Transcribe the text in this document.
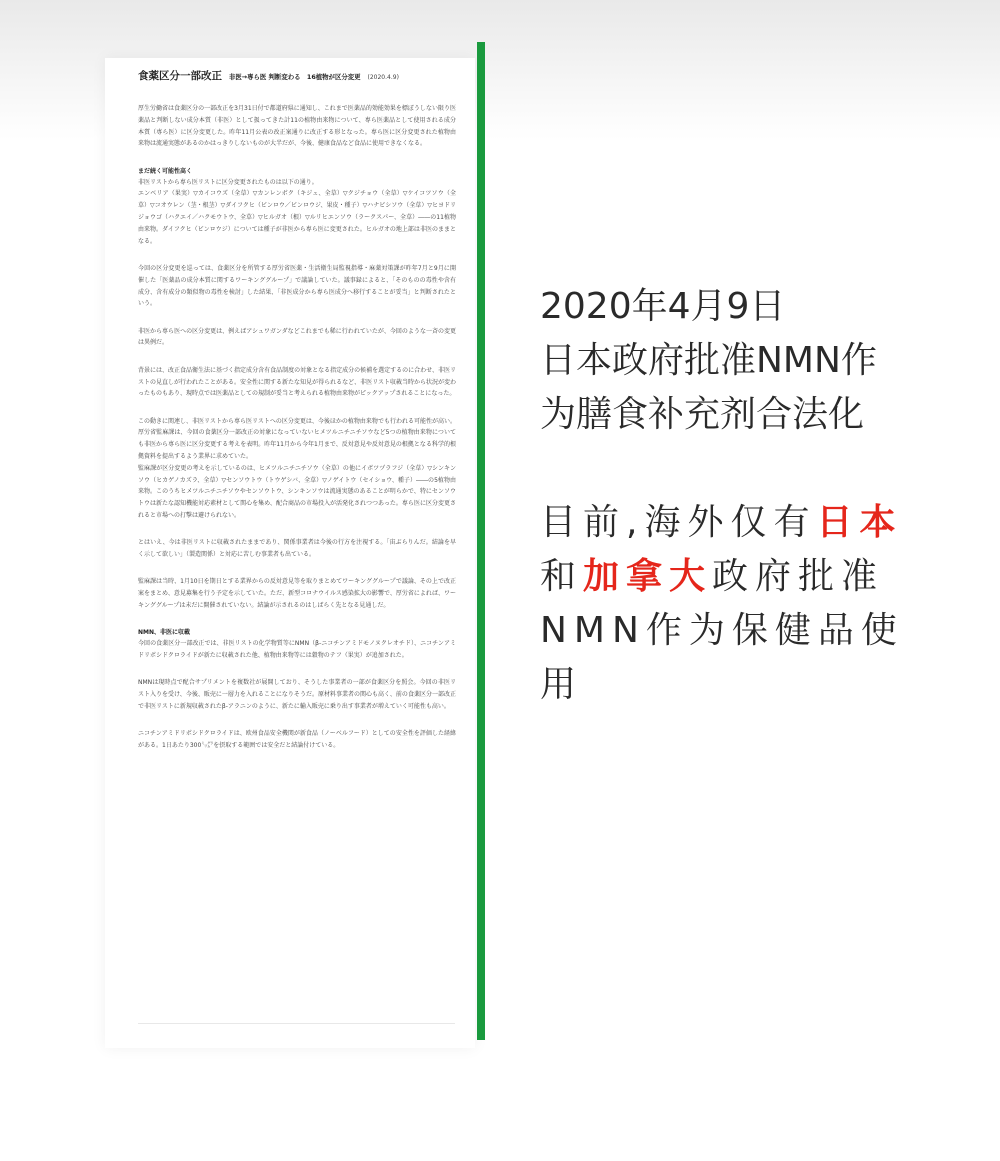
食薬区分一部改正 非医→専ら医 判断変わる　16植物が区分変更 (2020.4.9)

厚生労働省は食薬区分の一部改正を3月31日付で都道府県に通知し、これまで医薬品的効能効果を標ぼうしない限り医薬品と判断しない成分本質（非医）として扱ってきた計11の植物由来物について、専ら医薬品として使用される成分本質（専ら医）に区分変更した。昨年11月公表の改正案通りに改正する形となった。専ら医に区分変更された植物由来物は流通実態があるのかはっきりしないものが大半だが、今後、健康食品など食品に使用できなくなる。

まだ続く可能性高く

非医リストから専ら医リストに区分変更されたものは以下の通り。

エンベリア（果実）▽カイコウズ（全草）▽カンレンボク（キジュ、全草）▽クジチョウ（全草）▽ケイコツソウ（全草）▽コオウレン（茎・根茎）▽ダイフクヒ（ビンロウ／ビンロウジ、果皮・種子）▽ハナビシソウ（全草）▽ヒヨドリジョウゴ（ハクエイ／ハクモウトウ、全草）▽ヒルガオ（根）▽ルリヒエンソウ（ラークスパー、全草）――の11植物由来物。ダイフクヒ（ビンロウジ）については種子が非医から専ら医に変更された。ヒルガオの地上部は非医のままとなる。

今回の区分変更を巡っては、食薬区分を所管する厚労省医薬・生活衛生局監視指導・麻薬対策課が昨年7月と9月に開催した「医薬品の成分本質に関するワーキンググループ」で議論していた。議事録によると、「そのものの毒性や含有成分、含有成分の類似物の毒性を検討」した結果、「非医成分から専ら医成分へ移行することが妥当」と判断されたという。

非医から専ら医への区分変更は、例えばアシュワガンダなどこれまでも稀に行われていたが、今回のような一斉の変更は異例だ。

背景には、改正食品衛生法に基づく指定成分含有食品制度の対象となる指定成分の候補を選定するのに合わせ、非医リストの見直しが行われたことがある。安全性に関する新たな知見が得られるなど、非医リスト収載当時から状況が変わったものもあり、現時点では医薬品としての規制が妥当と考えられる植物由来物がピックアップされることになった。

この動きに関連し、非医リストから専ら医リストへの区分変更は、今後ほかの植物由来物でも行われる可能性が高い。厚労省監麻課は、今回の食薬区分一部改正の対象になっていないヒメツルニチニチソウなど5つの植物由来物についても非医から専ら医に区分変更する考えを表明。昨年11月から今年1月まで、反対意見や反対意見の根拠となる科学的根拠資料を提出するよう業界に求めていた。

監麻課が区分変更の考えを示しているのは、ヒメツルニチニチソウ（全草）の他にイボツヅラフジ（全草）▽シンキンソウ（ヒカゲノカズラ、全草）▽センソウトウ（トウゲシバ、全草）▽ノゲイトウ（セイショウ、種子）――の5植物由来物。このうちヒメツルニチニチソウやセンソウトウ、シンキンソウは流通実態のあることが明らかで、特にセンソウトウは新たな認知機能対応素材として関心を集め、配合商品の市場投入が活発化されつつあった。専ら医に区分変更されると市場への打撃は避けられない。

とはいえ、今は非医リストに収載されたままであり、関係事業者は今後の行方を注視する。「宙ぶらりんだ。結論を早く示して欲しい」（製造関係）と対応に苦しむ事業者も出ている。

監麻課は当時、1月10日を期日とする業界からの反対意見等を取りまとめてワーキンググループで議論、その上で改正案をまとめ、意見募集を行う予定を示していた。ただ、新型コロナウイルス感染拡大の影響で、厚労省によれば、ワーキンググループは未だに開催されていない。結論が示されるのはしばらく先となる見通しだ。

NMN、非医に収載

今回の食薬区分一部改正では、非医リストの化学物質等にNMN（β‐ニコチンアミドモノヌクレオチド）、ニコチンアミドリボシドクロライドが新たに収載された他、植物由来物等には穀物のテフ（果実）が追加された。

NMNは現時点で配合サプリメントを複数社が展開しており、そうした事業者の一部が食薬区分を照会。今回の非医リスト入りを受け、今後、販売に一層力を入れることになりそうだ。原材料事業者の関心も高く、前の食薬区分一部改正で非医リストに新規収載されたβ‐アラニンのように、新たに輸入販売に乗り出す事業者が増えていく可能性も高い。

ニコチンアミドリボシドクロライドは、欧州食品安全機関が新食品（ノーベルフード）としての安全性を評価した経緯がある。1日あたり300㍉㌘を摂取する範囲では安全だと結論付けている。

2020年4月9日
日本政府批准NMN作
为膳食补充剂合法化
目前,海外仅有日本
和加拿大政府批准
NMN作为保健品使
用
